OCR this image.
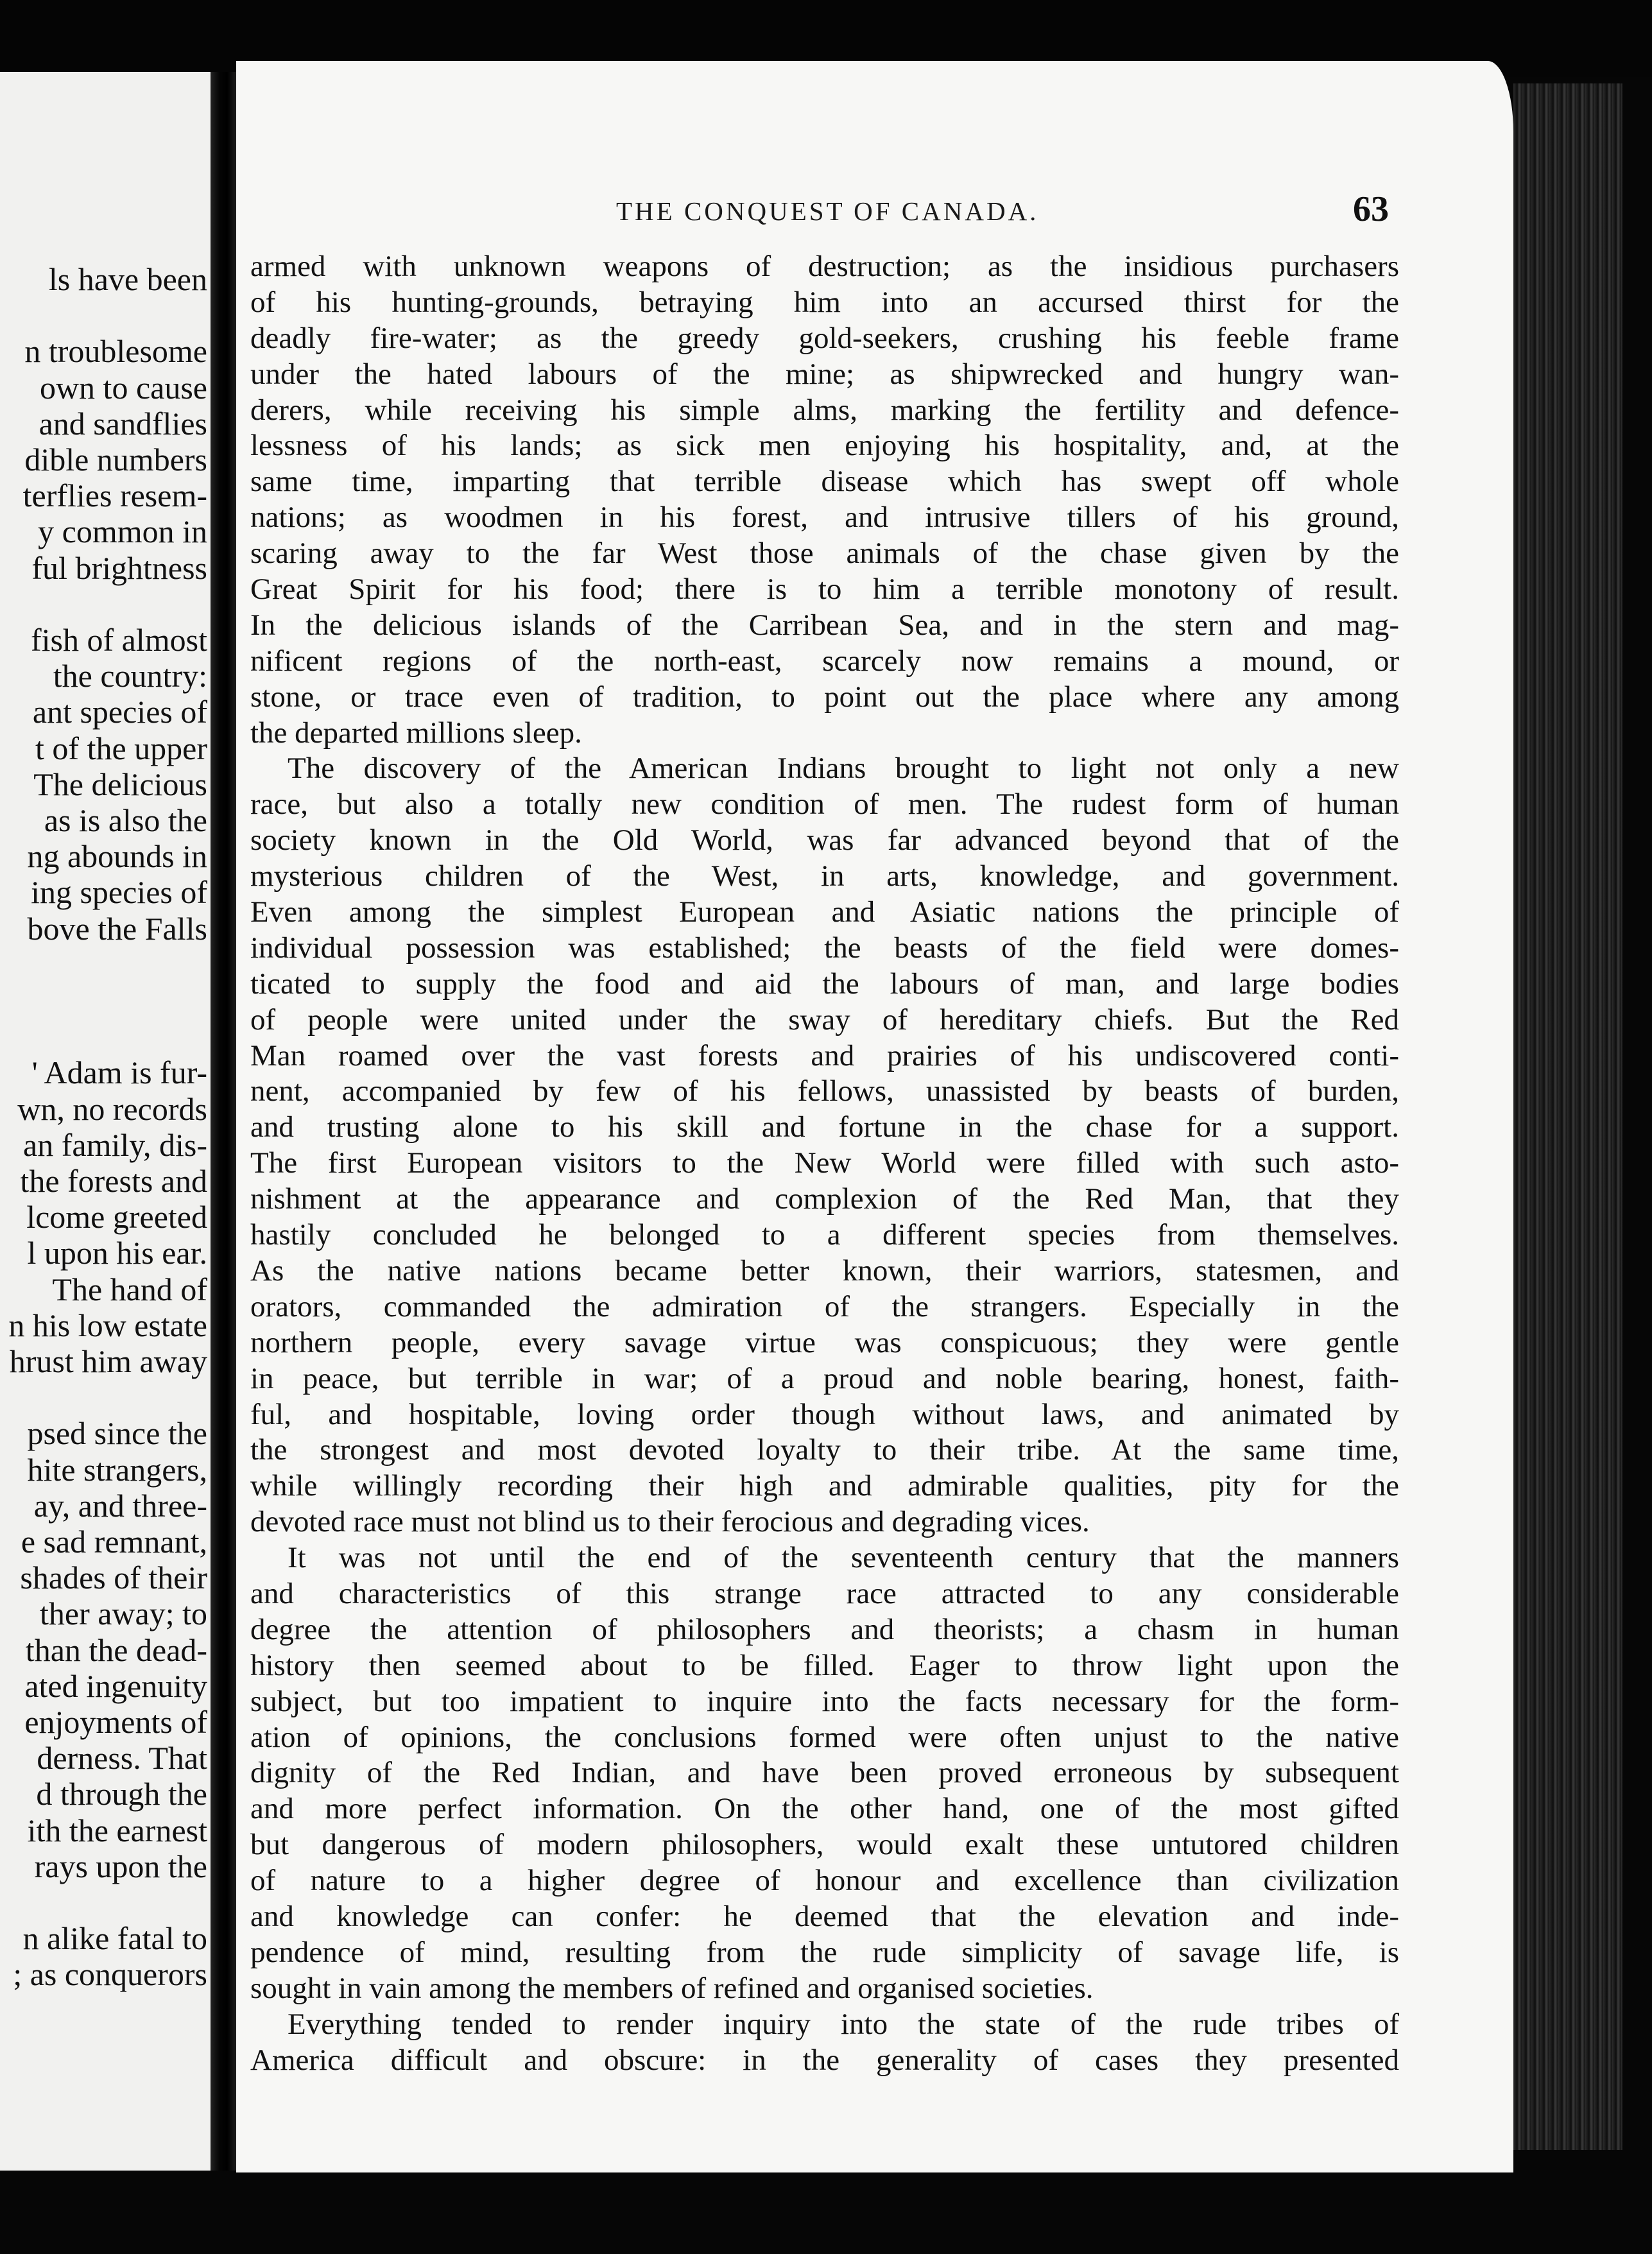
ls have been
n troublesome
own to cause
and sandflies
dible numbers
terflies resem-
y common in
ful brightness
fish of almost
the country:
ant species of
t of the upper
The delicious
as is also the
ng abounds in
ing species of
bove the Falls
' Adam is fur-
wn, no records
an family, dis-
the forests and
lcome greeted
l upon his ear.
The hand of
n his low estate
hrust him away
psed since the
hite strangers,
ay, and three-
e sad remnant,
shades of their
ther away; to
than the dead-
ated ingenuity
enjoyments of
derness. That
d through the
ith the earnest
rays upon the
n alike fatal to
; as conquerors
THE CONQUEST OF CANADA.	63
armed with unknown weapons of destruction; as the insidious purchasers
of his hunting-grounds, betraying him into an accursed thirst for the
deadly fire-water; as the greedy gold-seekers, crushing his feeble frame
under the hated labours of the mine; as shipwrecked and hungry wan-
derers, while receiving his simple alms, marking the fertility and defence-
lessness of his lands; as sick men enjoying his hospitality, and, at the
same time, imparting that terrible disease which has swept off whole
nations; as woodmen in his forest, and intrusive tillers of his ground,
scaring away to the far West those animals of the chase given by the
Great Spirit for his food; there is to him a terrible monotony of result.
In the delicious islands of the Carribean Sea, and in the stern and mag-
nificent regions of the north-east, scarcely now remains a mound, or
stone, or trace even of tradition, to point out the place where any among
the departed millions sleep.
The discovery of the American Indians brought to light not only a new
race, but also a totally new condition of men. The rudest form of human
society known in the Old World, was far advanced beyond that of the
mysterious children of the West, in arts, knowledge, and government.
Even among the simplest European and Asiatic nations the principle of
individual possession was established; the beasts of the field were domes-
ticated to supply the food and aid the labours of man, and large bodies
of people were united under the sway of hereditary chiefs. But the Red
Man roamed over the vast forests and prairies of his undiscovered conti-
nent, accompanied by few of his fellows, unassisted by beasts of burden,
and trusting alone to his skill and fortune in the chase for a support.
The first European visitors to the New World were filled with such asto-
nishment at the appearance and complexion of the Red Man, that they
hastily concluded he belonged to a different species from themselves.
As the native nations became better known, their warriors, statesmen, and
orators, commanded the admiration of the strangers. Especially in the
northern people, every savage virtue was conspicuous; they were gentle
in peace, but terrible in war; of a proud and noble bearing, honest, faith-
ful, and hospitable, loving order though without laws, and animated by
the strongest and most devoted loyalty to their tribe. At the same time,
while willingly recording their high and admirable qualities, pity for the
devoted race must not blind us to their ferocious and degrading vices.
It was not until the end of the seventeenth century that the manners
and characteristics of this strange race attracted to any considerable
degree the attention of philosophers and theorists; a chasm in human
history then seemed about to be filled. Eager to throw light upon the
subject, but too impatient to inquire into the facts necessary for the form-
ation of opinions, the conclusions formed were often unjust to the native
dignity of the Red Indian, and have been proved erroneous by subsequent
and more perfect information. On the other hand, one of the most gifted
but dangerous of modern philosophers, would exalt these untutored children
of nature to a higher degree of honour and excellence than civilization
and knowledge can confer: he deemed that the elevation and inde-
pendence of mind, resulting from the rude simplicity of savage life, is
sought in vain among the members of refined and organised societies.
Everything tended to render inquiry into the state of the rude tribes of
America difficult and obscure: in the generality of cases they presented
